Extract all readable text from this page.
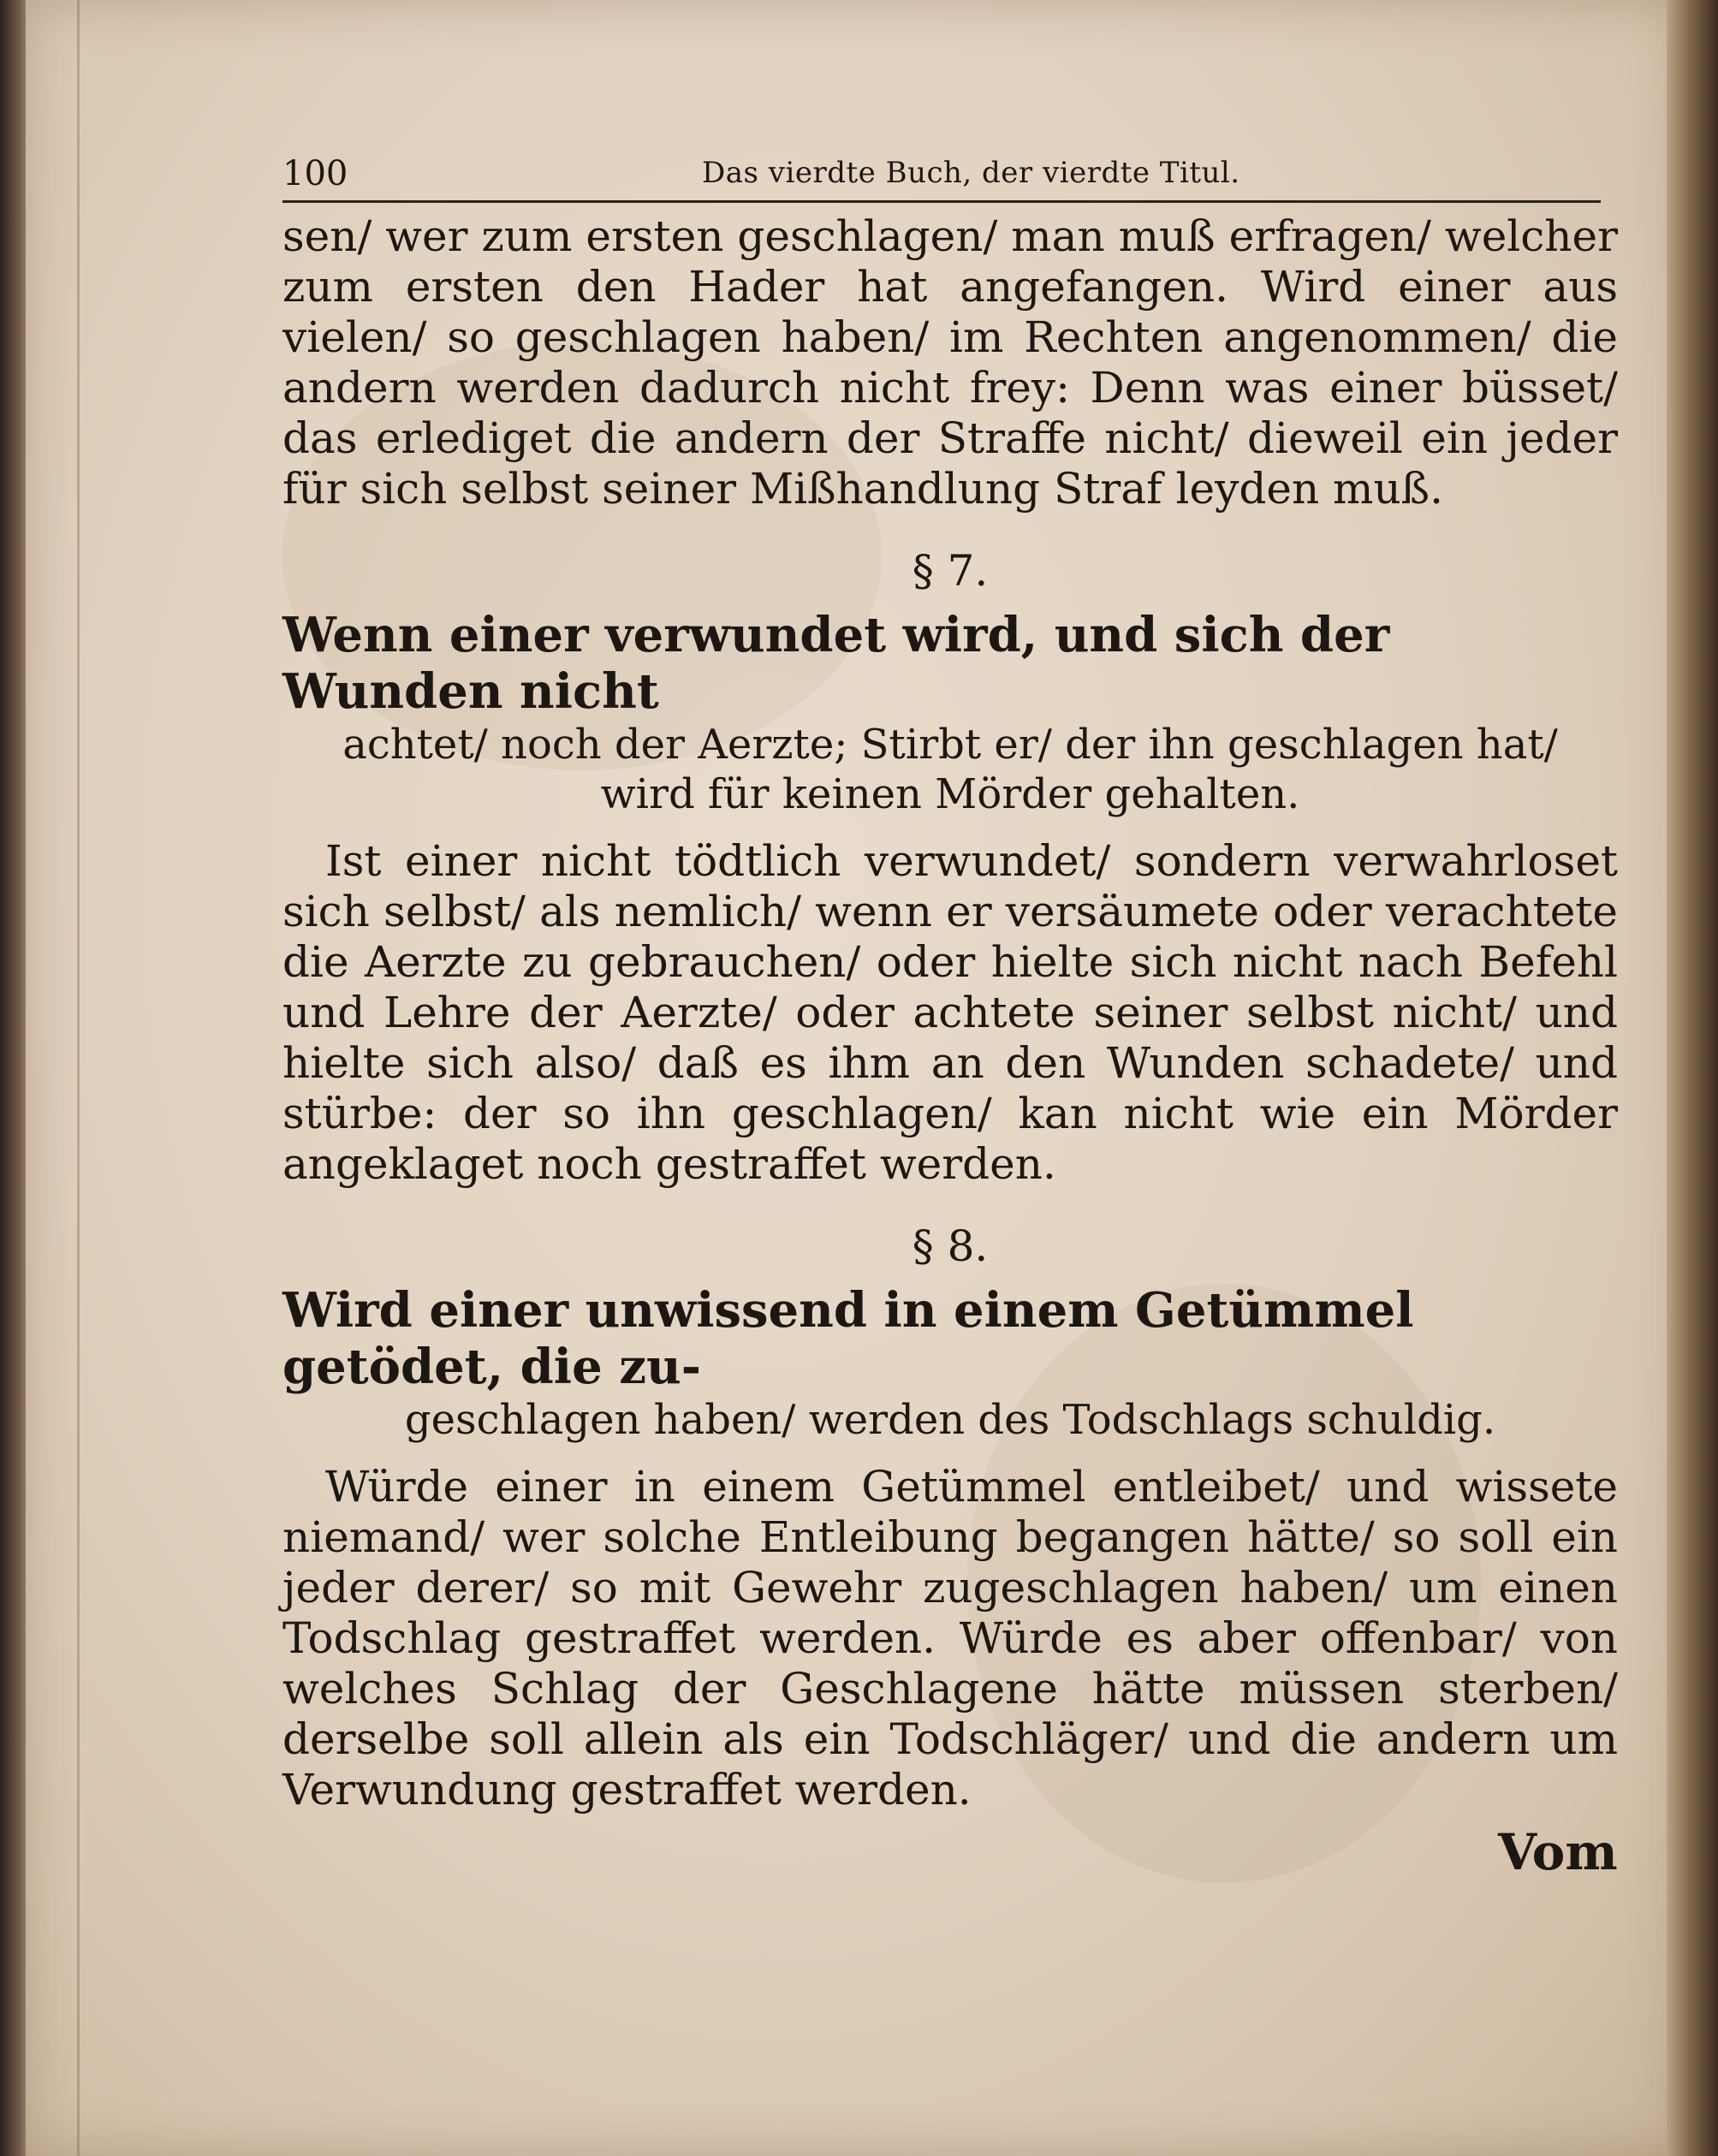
100	Das vierdte Buch, der vierdte Titul.

sen/ wer zum ersten geschlagen/ man muß erfragen/ welcher zum ersten den Hader hat angefangen. Wird einer aus vielen/ so geschlagen haben/ im Rechten angenommen/ die andern werden dadurch nicht frey: Denn was einer büsset/ das erlediget die andern der Straffe nicht/ dieweil ein jeder für sich selbst seiner Mißhandlung Straf leyden muß.

§ 7.
Wenn einer verwundet wird, und sich der Wunden nicht
achtet/ noch der Aerzte; Stirbt er/ der ihn geschlagen hat/ wird für keinen Mörder gehalten.

Ist einer nicht tödtlich verwundet/ sondern verwahrloset sich selbst/ als nemlich/ wenn er versäumete oder verachtete die Aerzte zu gebrauchen/ oder hielte sich nicht nach Befehl und Lehre der Aerzte/ oder achtete seiner selbst nicht/ und hielte sich also/ daß es ihm an den Wunden schadete/ und stürbe: der so ihn geschlagen/ kan nicht wie ein Mörder angeklaget noch gestraffet werden.

§ 8.
Wird einer unwissend in einem Getümmel getödet, die zu-
geschlagen haben/ werden des Todschlags schuldig.

Würde einer in einem Getümmel entleibet/ und wissete niemand/ wer solche Entleibung begangen hätte/ so soll ein jeder derer/ so mit Gewehr zugeschlagen haben/ um einen Todschlag gestraffet werden. Würde es aber offenbar/ von welches Schlag der Geschlagene hätte müssen sterben/ derselbe soll allein als ein Todschläger/ und die andern um Verwundung gestraffet werden.

Vom
